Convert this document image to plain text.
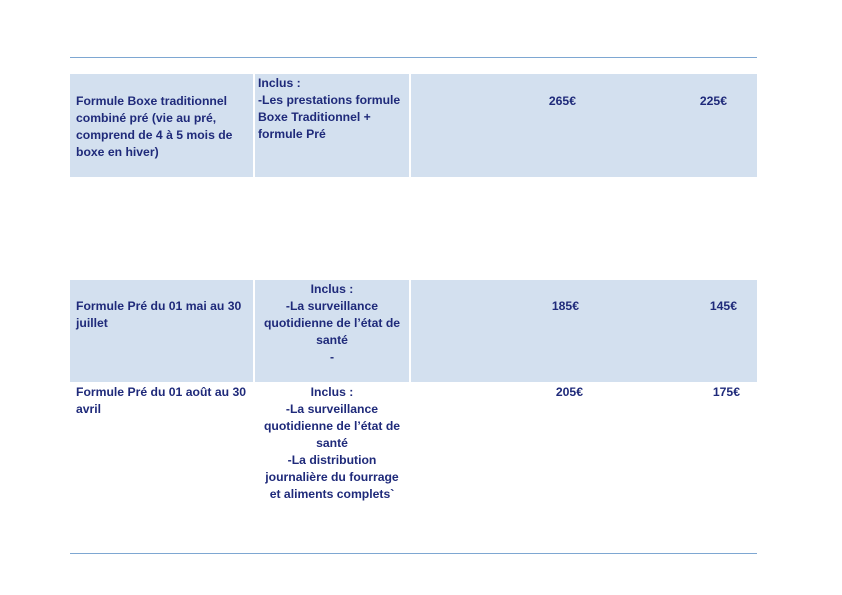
Formule Boxe traditionnel
combiné pré (vie au pré,
comprend de 4 à 5 mois de
boxe en hiver)
Inclus :
-Les prestations formule
Boxe Traditionnel +
formule Pré
265€	225€
Formule Pré du 01 mai au 30
juillet
Inclus :
-La surveillance
quotidienne de l’état de
santé
-
185€	145€
Formule Pré du 01 août au 30
avril
Inclus :
-La surveillance
quotidienne de l’état de
santé
-La distribution
journalière du fourrage
et aliments complets`
205€	175€
